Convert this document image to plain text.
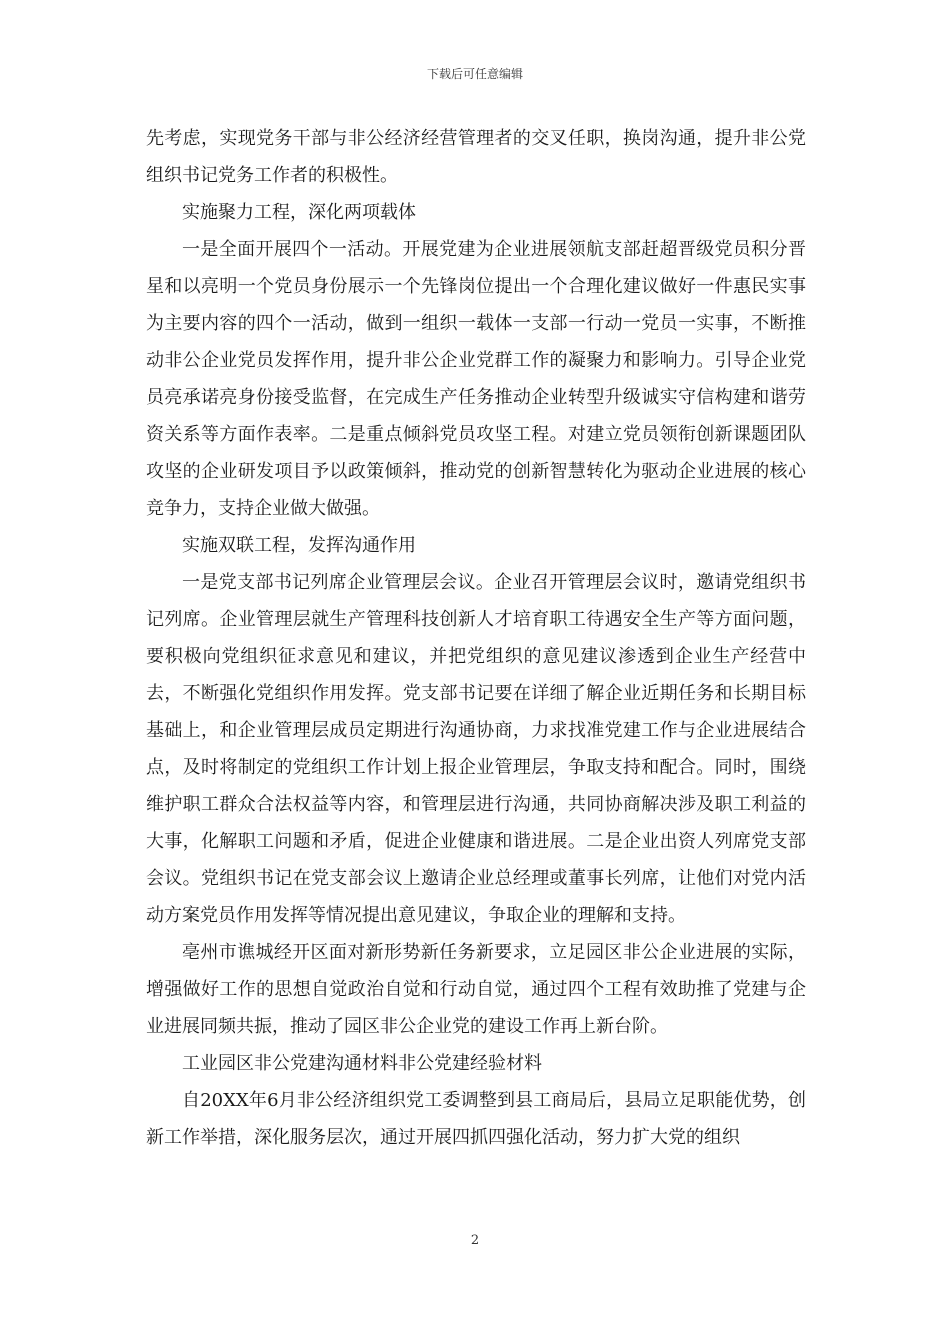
下载后可任意编辑

先考虑，实现党务干部与非公经济经营管理者的交叉任职，换岗沟通，提升非公党组织书记党务工作者的积极性。

实施聚力工程，深化两项载体

一是全面开展四个一活动。开展党建为企业进展领航支部赶超晋级党员积分晋星和以亮明一个党员身份展示一个先锋岗位提出一个合理化建议做好一件惠民实事为主要内容的四个一活动，做到一组织一载体一支部一行动一党员一实事，不断推动非公企业党员发挥作用，提升非公企业党群工作的凝聚力和影响力。引导企业党员亮承诺亮身份接受监督，在完成生产任务推动企业转型升级诚实守信构建和谐劳资关系等方面作表率。二是重点倾斜党员攻坚工程。对建立党员领衔创新课题团队攻坚的企业研发项目予以政策倾斜，推动党的创新智慧转化为驱动企业进展的核心竞争力，支持企业做大做强。

实施双联工程，发挥沟通作用

一是党支部书记列席企业管理层会议。企业召开管理层会议时，邀请党组织书记列席。企业管理层就生产管理科技创新人才培育职工待遇安全生产等方面问题，要积极向党组织征求意见和建议，并把党组织的意见建议渗透到企业生产经营中去，不断强化党组织作用发挥。党支部书记要在详细了解企业近期任务和长期目标基础上，和企业管理层成员定期进行沟通协商，力求找准党建工作与企业进展结合点，及时将制定的党组织工作计划上报企业管理层，争取支持和配合。同时，围绕维护职工群众合法权益等内容，和管理层进行沟通，共同协商解决涉及职工利益的大事，化解职工问题和矛盾，促进企业健康和谐进展。二是企业出资人列席党支部会议。党组织书记在党支部会议上邀请企业总经理或董事长列席，让他们对党内活动方案党员作用发挥等情况提出意见建议，争取企业的理解和支持。

亳州市谯城经开区面对新形势新任务新要求，立足园区非公企业进展的实际，增强做好工作的思想自觉政治自觉和行动自觉，通过四个工程有效助推了党建与企业进展同频共振，推动了园区非公企业党的建设工作再上新台阶。

工业园区非公党建沟通材料非公党建经验材料

自20XX年6月非公经济组织党工委调整到县工商局后，县局立足职能优势，创新工作举措，深化服务层次，通过开展四抓四强化活动，努力扩大党的组织

2
